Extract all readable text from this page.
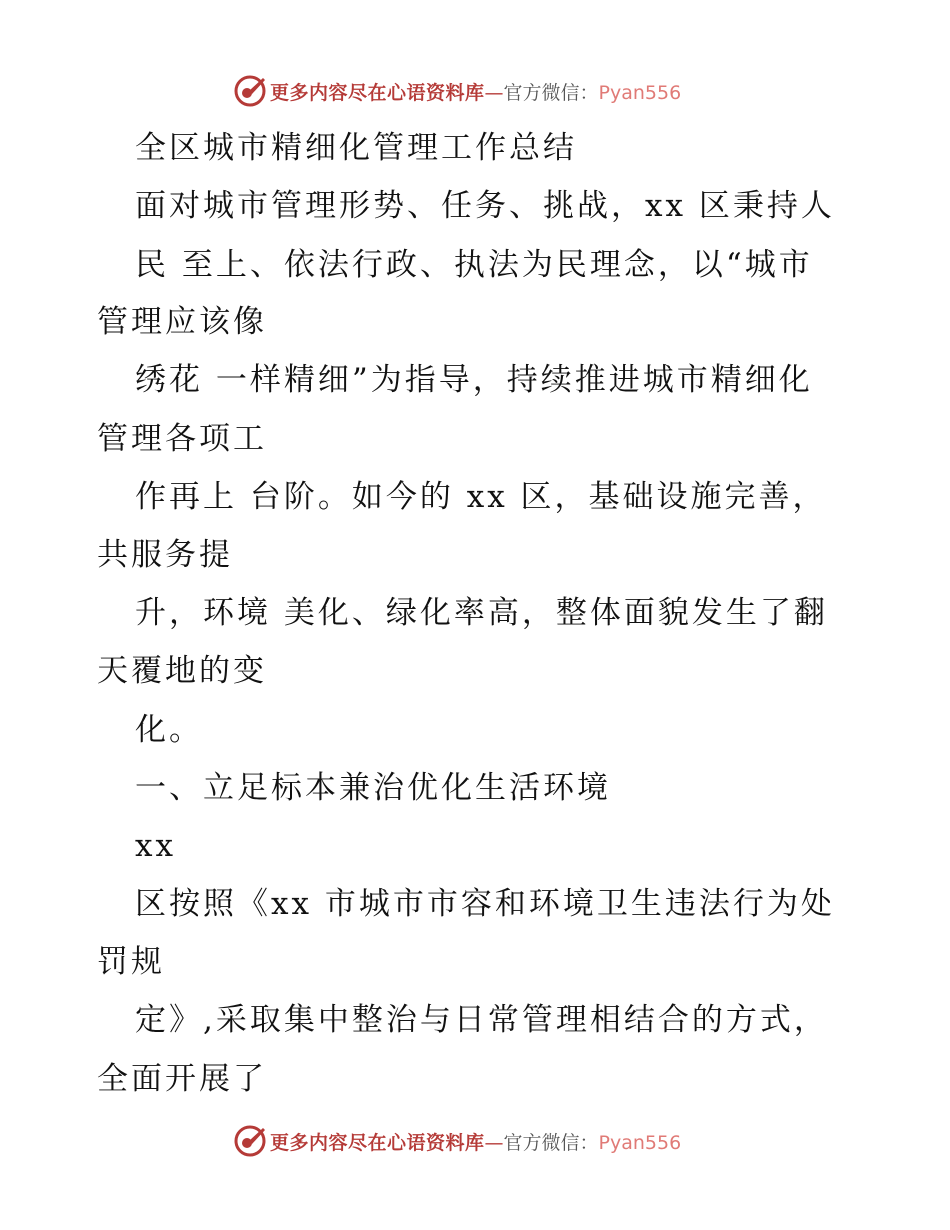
更多内容尽在心语资料库—官方微信：Pyan556
全区城市精细化管理工作总结
面对城市管理形势、任务、挑战，xx 区秉持人
民 至上、依法行政、执法为民理念，以“城市
管理应该像
绣花 一样精细”为指导，持续推进城市精细化
管理各项工
作再上 台阶。如今的 xx 区，基础设施完善，
共服务提
升，环境 美化、绿化率高，整体面貌发生了翻
天覆地的变
化。
一、立足标本兼治优化生活环境
xx
区按照《xx 市城市市容和环境卫生违法行为处
罚规
定》,采取集中整治与日常管理相结合的方式，
全面开展了
更多内容尽在心语资料库—官方微信：Pyan556
